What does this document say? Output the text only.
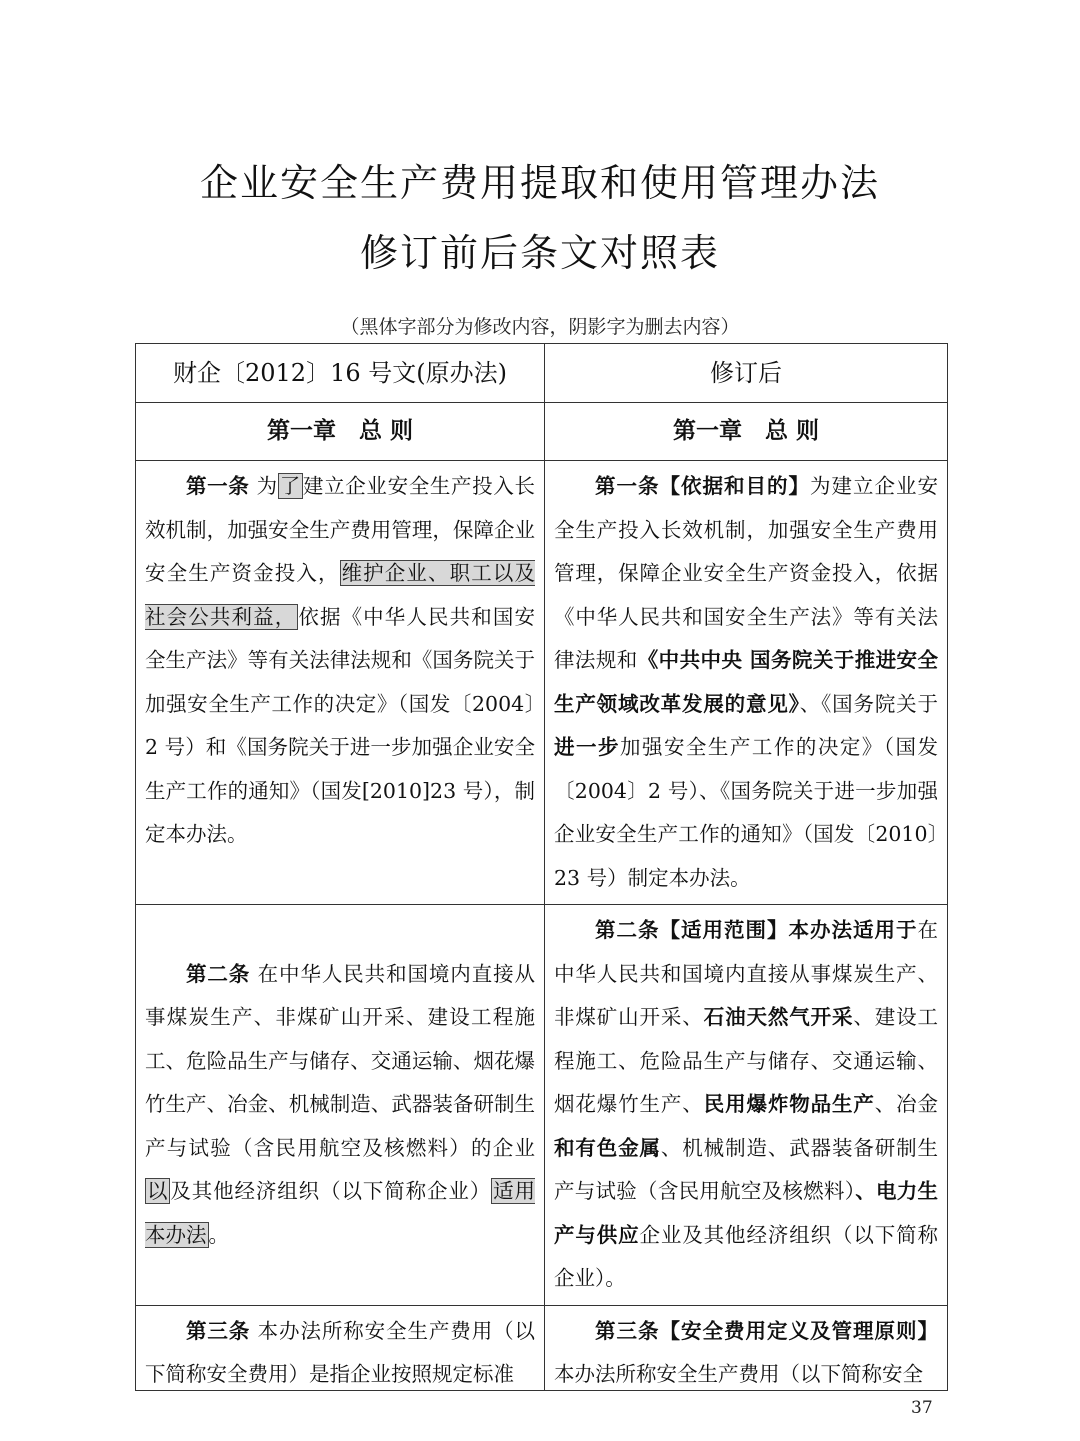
企业安全生产费用提取和使用管理办法
修订前后条文对照表
（黑体字部分为修改内容，阴影字为删去内容）
财企〔2012〕16 号文(原办法)	修订后
第一章　总 则	第一章　总 则

第一条 为了建立企业安全生产投入长效机制，加强安全生产费用管理，保障企业安全生产资金投入，维护企业、职工以及社会公共利益，依据《中华人民共和国安全生产法》等有关法律法规和《国务院关于加强安全生产工作的决定》（国发〔2004〕2 号）和《国务院关于进一步加强企业安全生产工作的通知》（国发[2010]23 号），制定本办法。	第一条【依据和目的】为建立企业安全生产投入长效机制，加强安全生产费用管理，保障企业安全生产资金投入，依据《中华人民共和国安全生产法》等有关法律法规和《中共中央 国务院关于推进安全生产领域改革发展的意见》、《国务院关于进一步加强安全生产工作的决定》（国发〔2004〕2 号）、《国务院关于进一步加强企业安全生产工作的通知》（国发〔2010〕23 号）制定本办法。

第二条 在中华人民共和国境内直接从事煤炭生产、非煤矿山开采、建设工程施工、危险品生产与储存、交通运输、烟花爆竹生产、冶金、机械制造、武器装备研制生产与试验（含民用航空及核燃料）的企业以及其他经济组织（以下简称企业）适用本办法。	第二条【适用范围】本办法适用于在中华人民共和国境内直接从事煤炭生产、非煤矿山开采、石油天然气开采、建设工程施工、危险品生产与储存、交通运输、烟花爆竹生产、民用爆炸物品生产、冶金和有色金属、机械制造、武器装备研制生产与试验（含民用航空及核燃料）、电力生产与供应企业及其他经济组织（以下简称企业）。

第三条 本办法所称安全生产费用（以下简称安全费用）是指企业按照规定标准	第三条【安全费用定义及管理原则】本办法所称安全生产费用（以下简称安全
37
